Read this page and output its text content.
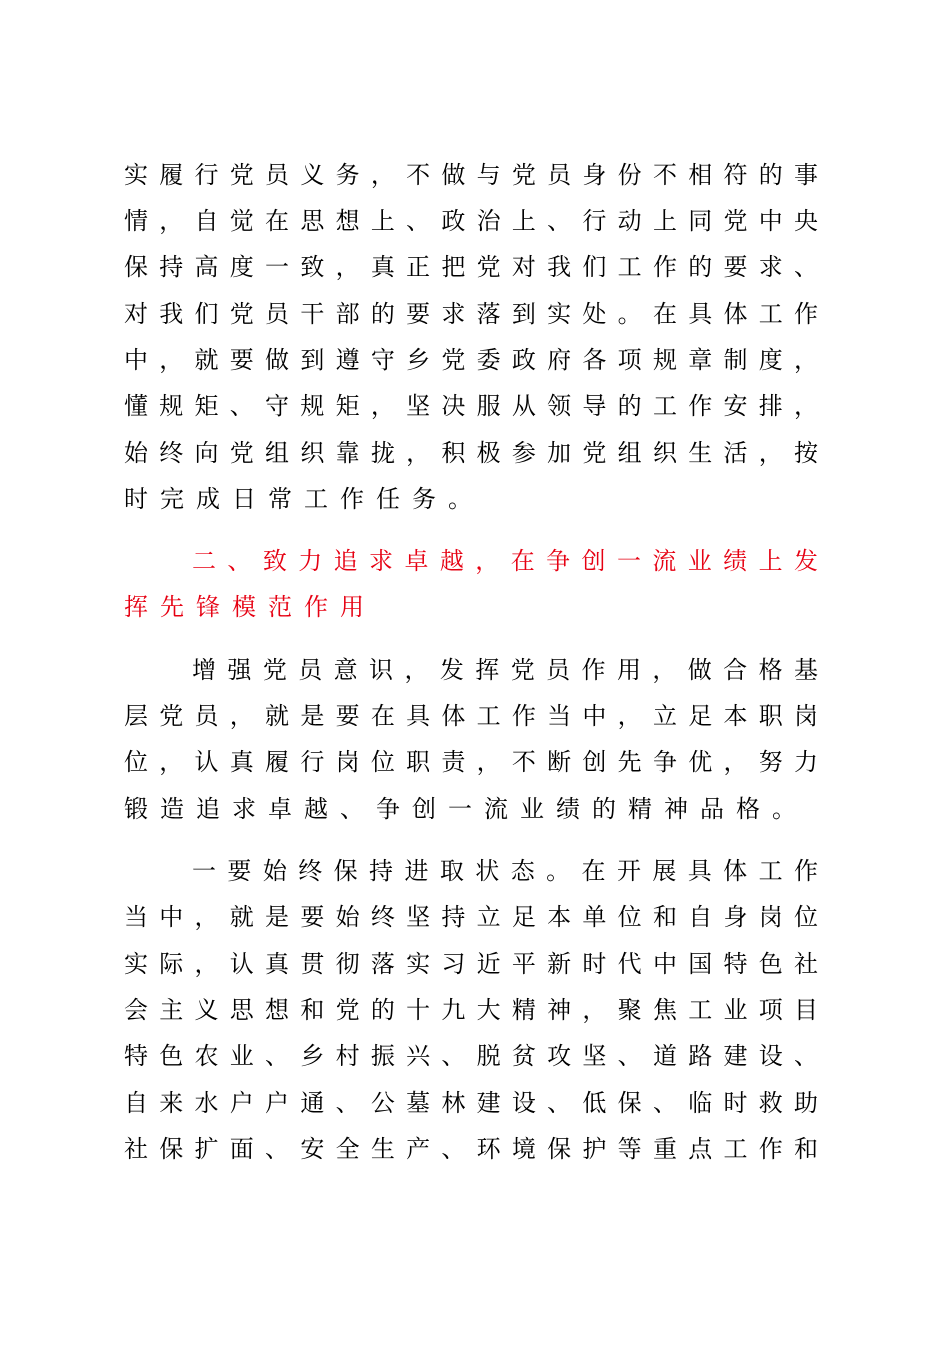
实履行党员义务，不做与党员身份不相符的事
情，自觉在思想上、政治上、行动上同党中央
保持高度一致，真正把党对我们工作的要求、
对我们党员干部的要求落到实处。在具体工作
中，就要做到遵守乡党委政府各项规章制度，
懂规矩、守规矩，坚决服从领导的工作安排，
始终向党组织靠拢，积极参加党组织生活，按
时完成日常工作任务。
二、致力追求卓越，在争创一流业绩上发
挥先锋模范作用
增强党员意识，发挥党员作用，做合格基
层党员，就是要在具体工作当中，立足本职岗
位，认真履行岗位职责，不断创先争优，努力
锻造追求卓越、争创一流业绩的精神品格。
一要始终保持进取状态。在开展具体工作
当中，就是要始终坚持立足本单位和自身岗位
实际，认真贯彻落实习近平新时代中国特色社
会主义思想和党的十九大精神，聚焦工业项目
特色农业、乡村振兴、脱贫攻坚、道路建设、
自来水户户通、公墓林建设、低保、临时救助
社保扩面、安全生产、环境保护等重点工作和
